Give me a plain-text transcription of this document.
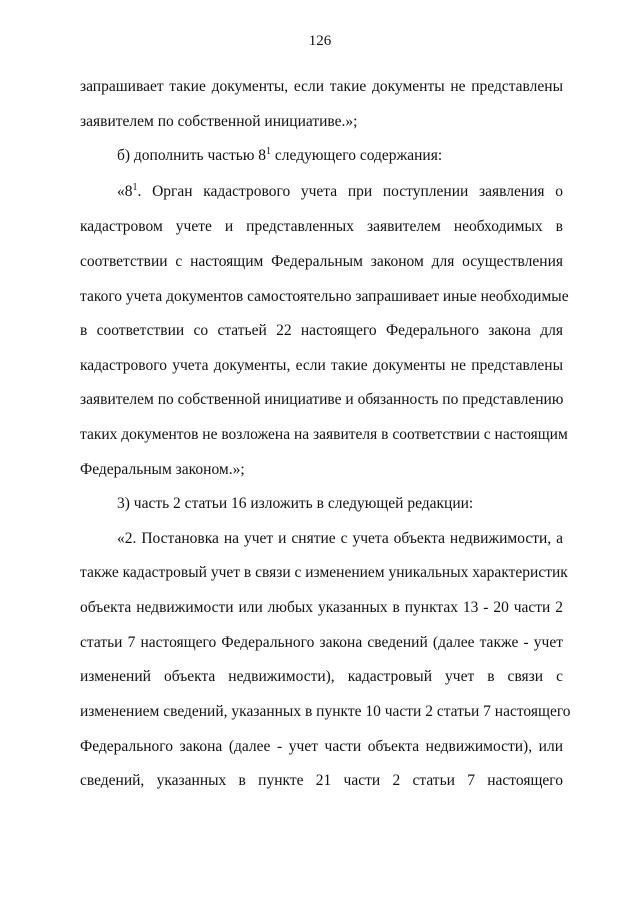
126
запрашивает такие документы, если такие документы не представлены
заявителем по собственной инициативе.»;
б) дополнить частью $8^1$ следующего содержания:
«$8^1$. Орган кадастрового учета при поступлении заявления о
кадастровом учете и представленных заявителем необходимых в
соответствии с настоящим Федеральным законом для осуществления
такого учета документов самостоятельно запрашивает иные необходимые
в соответствии со статьей 22 настоящего Федерального закона для
кадастрового учета документы, если такие документы не представлены
заявителем по собственной инициативе и обязанность по представлению
таких документов не возложена на заявителя в соответствии с настоящим
Федеральным законом.»;
3) часть 2 статьи 16 изложить в следующей редакции:
«2. Постановка на учет и снятие с учета объекта недвижимости, а
также кадастровый учет в связи с изменением уникальных характеристик
объекта недвижимости или любых указанных в пунктах 13 - 20 части 2
статьи 7 настоящего Федерального закона сведений (далее также - учет
изменений объекта недвижимости), кадастровый учет в связи с
изменением сведений, указанных в пункте 10 части 2 статьи 7 настоящего
Федерального закона (далее - учет части объекта недвижимости), или
сведений, указанных в пункте 21 части 2 статьи 7 настоящего
